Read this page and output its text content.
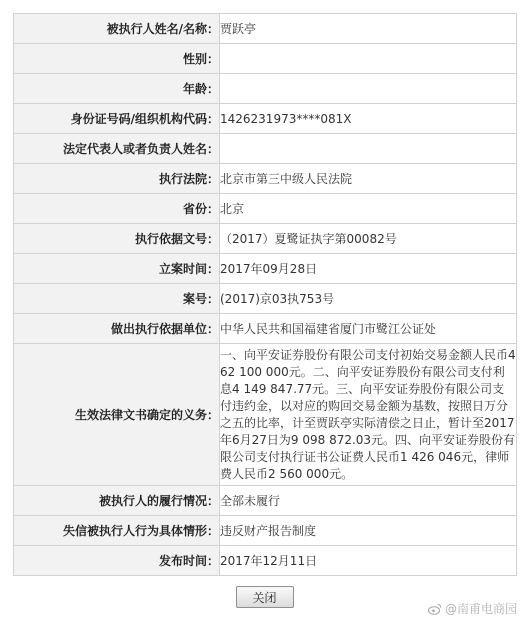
被执行人姓名/名称：	贾跃亭
性别：	
年龄：	
身份证号码/组织机构代码：	1426231973****081X
法定代表人或者负责人姓名：	
执行法院：	北京市第三中级人民法院
省份：	北京
执行依据文号：	（2017）夏鹭证执字第00082号
立案时间：	2017年09月28日
案号：	(2017)京03执753号
做出执行依据单位：	中华人民共和国福建省厦门市鹭江公证处
生效法律文书确定的义务：	一、向平安证券股份有限公司支付初始交易金额人民币462 100 000元。二、向平安证券股份有限公司支付利息4 149 847.77元。三、向平安证券股份有限公司支付违约金，以对应的购回交易金额为基数，按照日万分之五的比率，计至贾跃亭实际清偿之日止，暂计至2017年6月27日为9 098 872.03元。四、向平安证券股份有限公司支付执行证书公证费人民币1 426 046元，律师费人民币2 560 000元。
被执行人的履行情况：	全部未履行
失信被执行人行为具体情形：	违反财产报告制度
发布时间：	2017年12月11日
关闭
@南甫电商园
